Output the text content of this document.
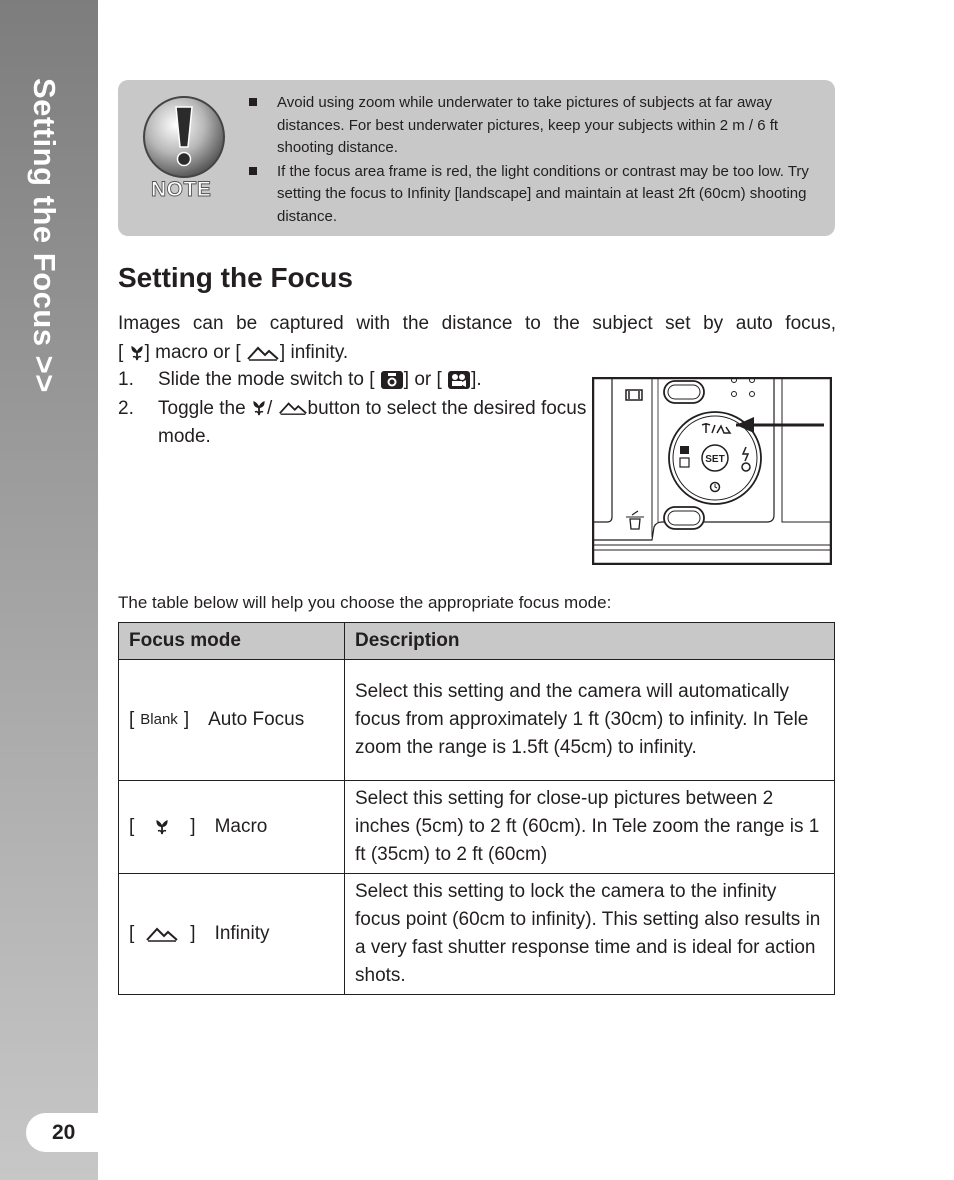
Setting the Focus >>
20
NOTE
Avoid using zoom while underwater to take pictures of subjects at far away distances. For best underwater pictures, keep your subjects within 2 m / 6 ft shooting distance.
If the focus area frame is red, the light conditions or contrast may be too low. Try setting the focus to Infinity [landscape] and maintain at least 2ft (60cm) shooting distance.
Setting the Focus
Images can be captured with the distance to the subject set by auto focus,
[ ] macro or [ ] infinity.
1. Slide the mode switch to [ ] or [ ].
2. Toggle the / button to select the desired focus mode.
SET
The table below will help you choose the appropriate focus mode:
Focus mode	Description

[ Blank ] Auto Focus	Select this setting and the camera will automatically focus from approximately 1 ft (30cm) to infinity. In Tele zoom the range is 1.5ft (45cm) to infinity.

[ ] Macro	Select this setting for close-up pictures between 2 inches (5cm) to 2 ft (60cm). In Tele zoom the range is 1 ft (35cm) to 2 ft (60cm)

[ ] Infinity	Select this setting to lock the camera to the infinity focus point (60cm to infinity). This setting also results in a very fast shutter response time and is ideal for action shots.
